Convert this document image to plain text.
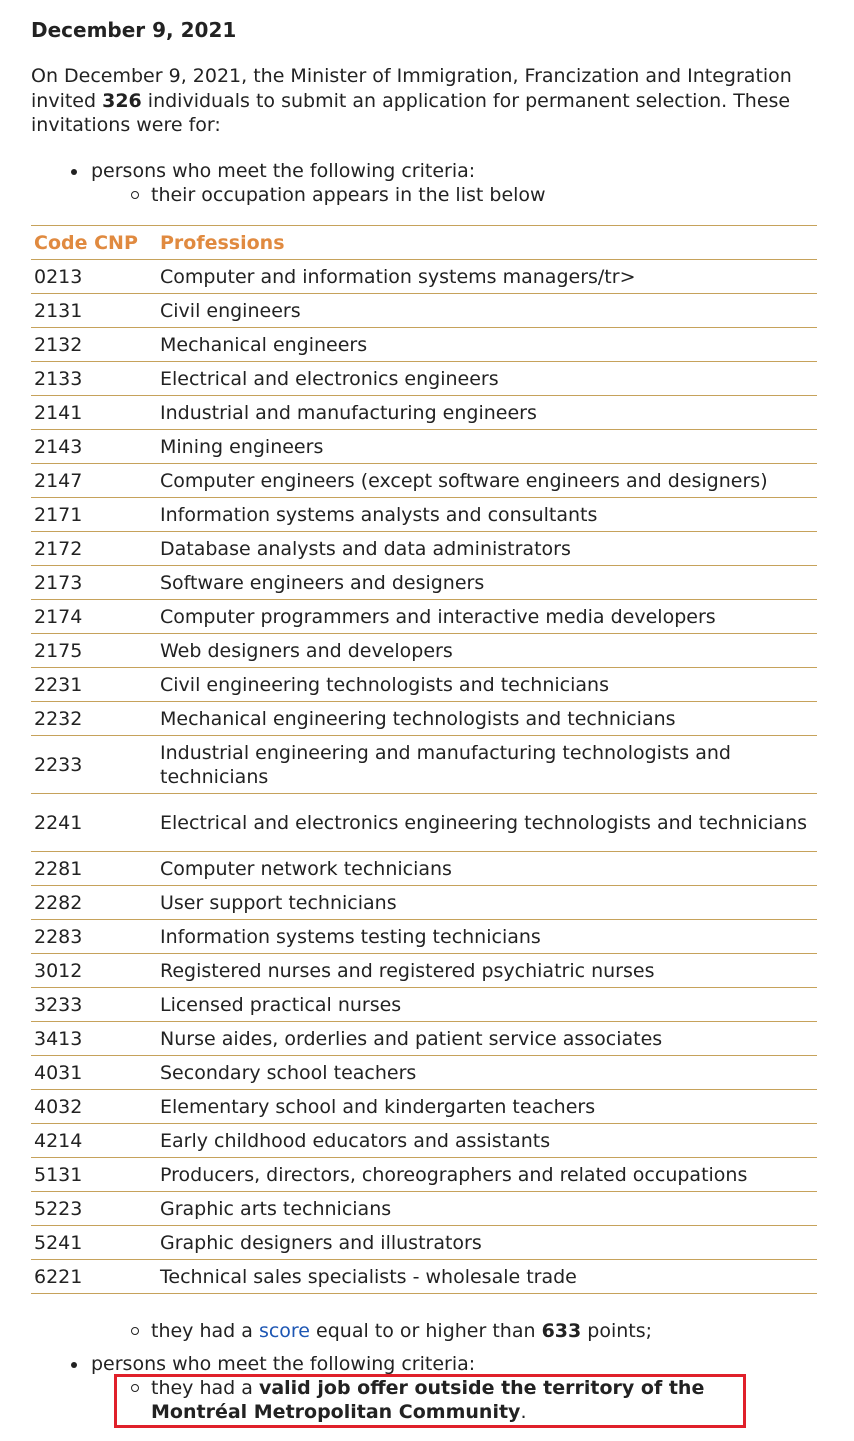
December 9, 2021

On December 9, 2021, the Minister of Immigration, Francization and Integration invited 326 individuals to submit an application for permanent selection. These invitations were for:

persons who meet the following criteria:
their occupation appears in the list below
Code CNP	Professions
0213	Computer and information systems managers/tr>
2131	Civil engineers
2132	Mechanical engineers
2133	Electrical and electronics engineers
2141	Industrial and manufacturing engineers
2143	Mining engineers
2147	Computer engineers (except software engineers and designers)
2171	Information systems analysts and consultants
2172	Database analysts and data administrators
2173	Software engineers and designers
2174	Computer programmers and interactive media developers
2175	Web designers and developers
2231	Civil engineering technologists and technicians
2232	Mechanical engineering technologists and technicians
2233	Industrial engineering and manufacturing technologists and technicians
2241	Electrical and electronics engineering technologists and technicians
2281	Computer network technicians
2282	User support technicians
2283	Information systems testing technicians
3012	Registered nurses and registered psychiatric nurses
3233	Licensed practical nurses
3413	Nurse aides, orderlies and patient service associates
4031	Secondary school teachers
4032	Elementary school and kindergarten teachers
4214	Early childhood educators and assistants
5131	Producers, directors, choreographers and related occupations
5223	Graphic arts technicians
5241	Graphic designers and illustrators
6221	Technical sales specialists - wholesale trade
they had a score equal to or higher than 633 points;
persons who meet the following criteria:
they had a valid job offer outside the territory of the Montréal Metropolitan Community.
